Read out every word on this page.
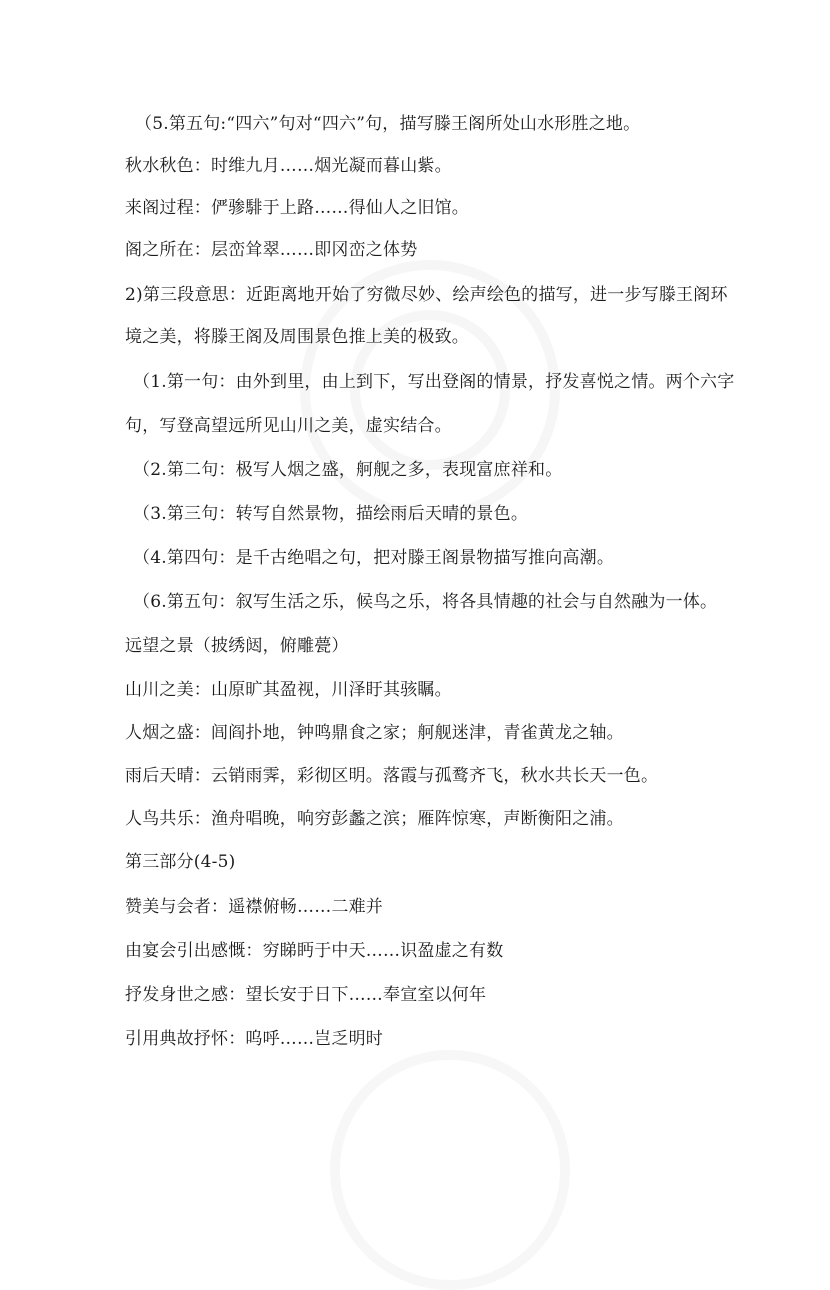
（5.第五句:“四六”句对“四六”句，描写滕王阁所处山水形胜之地。
秋水秋色：时维九月……烟光凝而暮山紫。
来阁过程：俨骖騑于上路……得仙人之旧馆。
阁之所在：层峦耸翠……即冈峦之体势
2)第三段意思：近距离地开始了穷微尽妙、绘声绘色的描写，进一步写滕王阁环
境之美，将滕王阁及周围景色推上美的极致。
（1.第一句：由外到里，由上到下，写出登阁的情景，抒发喜悦之情。两个六字
句，写登高望远所见山川之美，虚实结合。
（2.第二句：极写人烟之盛，舸舰之多，表现富庶祥和。
（3.第三句：转写自然景物，描绘雨后天晴的景色。
（4.第四句：是千古绝唱之句，把对滕王阁景物描写推向高潮。
（6.第五句：叙写生活之乐，候鸟之乐，将各具情趣的社会与自然融为一体。
远望之景（披绣闼，俯雕甍）
山川之美：山原旷其盈视，川泽盱其骇瞩。
人烟之盛：闾阎扑地，钟鸣鼎食之家；舸舰迷津，青雀黄龙之轴。
雨后天晴：云销雨霁，彩彻区明。落霞与孤鹜齐飞，秋水共长天一色。
人鸟共乐：渔舟唱晚，响穷彭蠡之滨；雁阵惊寒，声断衡阳之浦。
第三部分(4-5)
赞美与会者：遥襟俯畅……二难并
由宴会引出感慨：穷睇眄于中天……识盈虚之有数
抒发身世之感：望长安于日下……奉宣室以何年
引用典故抒怀：呜呼……岂乏明时
